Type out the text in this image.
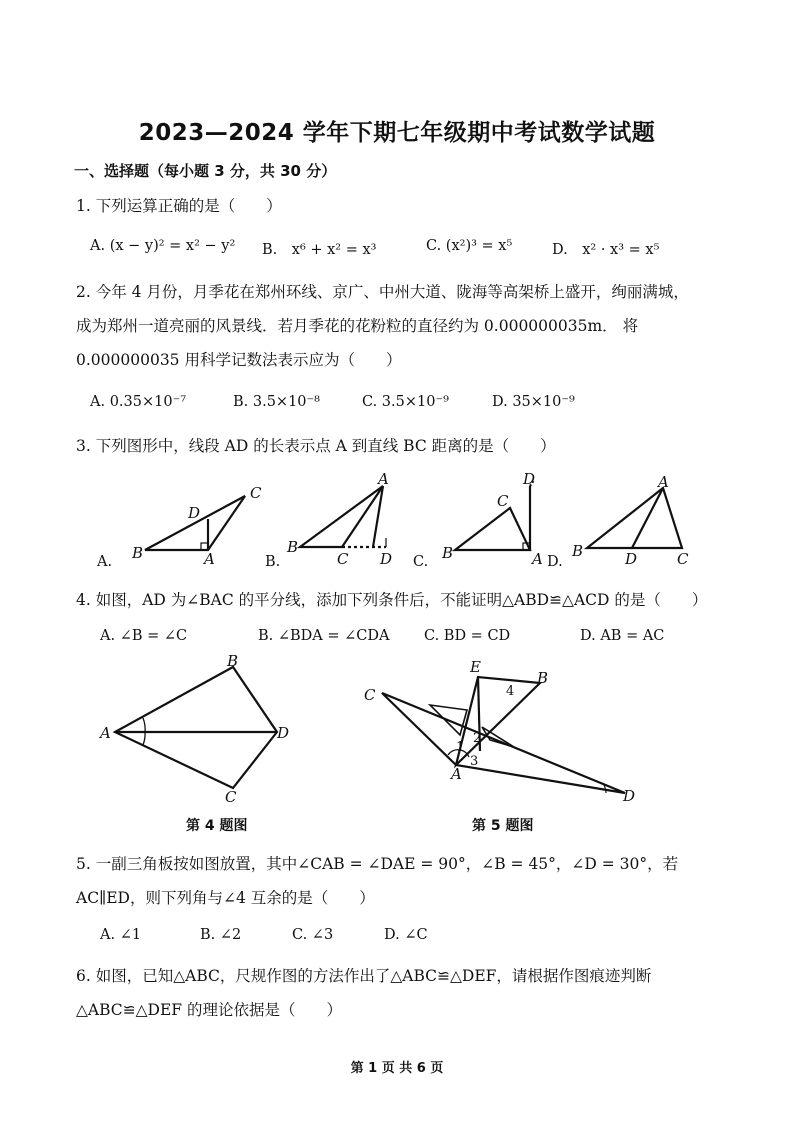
2023—2024 学年下期七年级期中考试数学试题
一、选择题（每小题 3 分，共 30 分）
1. 下列运算正确的是（　　）
A. (x − y)² = x² − y² B.　x⁶ + x² = x³	C. (x²)³ = x⁵	D.　x² · x³ = x⁵
2. 今年 4 月份，月季花在郑州环线、京广、中州大道、陇海等高架桥上盛开，绚丽满城，
成为郑州一道亮丽的风景线．若月季花的花粉粒的直径约为 0.000000035m． 将
0.000000035 用科学记数法表示应为（　　）
A. 0.35×10⁻⁷	B. 3.5×10⁻⁸	C. 3.5×10⁻⁹	D. 35×10⁻⁹
3. 下列图形中，线段 AD 的长表示点 A 到直线 BC 距离的是（　　）
C
D
A
B
A
B
C D
D
C
B	A
A
B	D	C
A.	B.	C.	D.
4. 如图，AD 为∠BAC 的平分线，添加下列条件后，不能证明△ABD≌△ACD 的是（　　）
A. ∠B = ∠C	B. ∠BDA = ∠CDA C. BD = CD	D. AB = AC
B
A	D
C
E
B
C
A
D
1
2
3
4
第 4 题图	第 5 题图
5. 一副三角板按如图放置，其中∠CAB = ∠DAE = 90°，∠B = 45°，∠D = 30°，若
AC∥ED，则下列角与∠4 互余的是（　　）
A. ∠1	B. ∠2	C. ∠3	D. ∠C
6. 如图，已知△ABC，尺规作图的方法作出了△ABC≌△DEF，请根据作图痕迹判断
△ABC≌△DEF 的理论依据是（　　）
第 1 页 共 6 页
